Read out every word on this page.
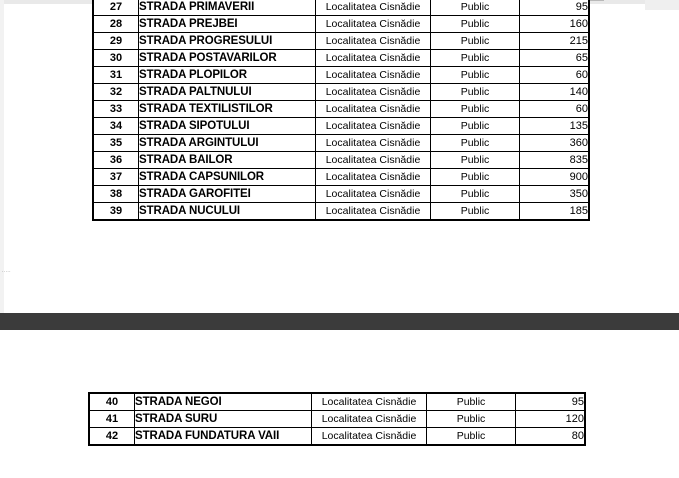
27	STRADA PRIMAVERII	Localitatea Cisnădie	Public	95
28	STRADA PREJBEI	Localitatea Cisnădie	Public	160
29	STRADA PROGRESULUI	Localitatea Cisnădie	Public	215
30	STRADA POSTAVARILOR	Localitatea Cisnădie	Public	65
31	STRADA PLOPILOR	Localitatea Cisnădie	Public	60
32	STRADA PALTNULUI	Localitatea Cisnădie	Public	140
33	STRADA TEXTILISTILOR	Localitatea Cisnădie	Public	60
34	STRADA SIPOTULUI	Localitatea Cisnădie	Public	135
35	STRADA ARGINTULUI	Localitatea Cisnădie	Public	360
36	STRADA BAILOR	Localitatea Cisnădie	Public	835
37	STRADA CAPSUNILOR	Localitatea Cisnădie	Public	900
38	STRADA GAROFITEI	Localitatea Cisnădie	Public	350
39	STRADA NUCULUI	Localitatea Cisnădie	Public	185
.....
40	STRADA NEGOI	Localitatea Cisnădie	Public	95
41	STRADA SURU	Localitatea Cisnădie	Public	120
42	STRADA FUNDATURA VAII	Localitatea Cisnădie	Public	80
